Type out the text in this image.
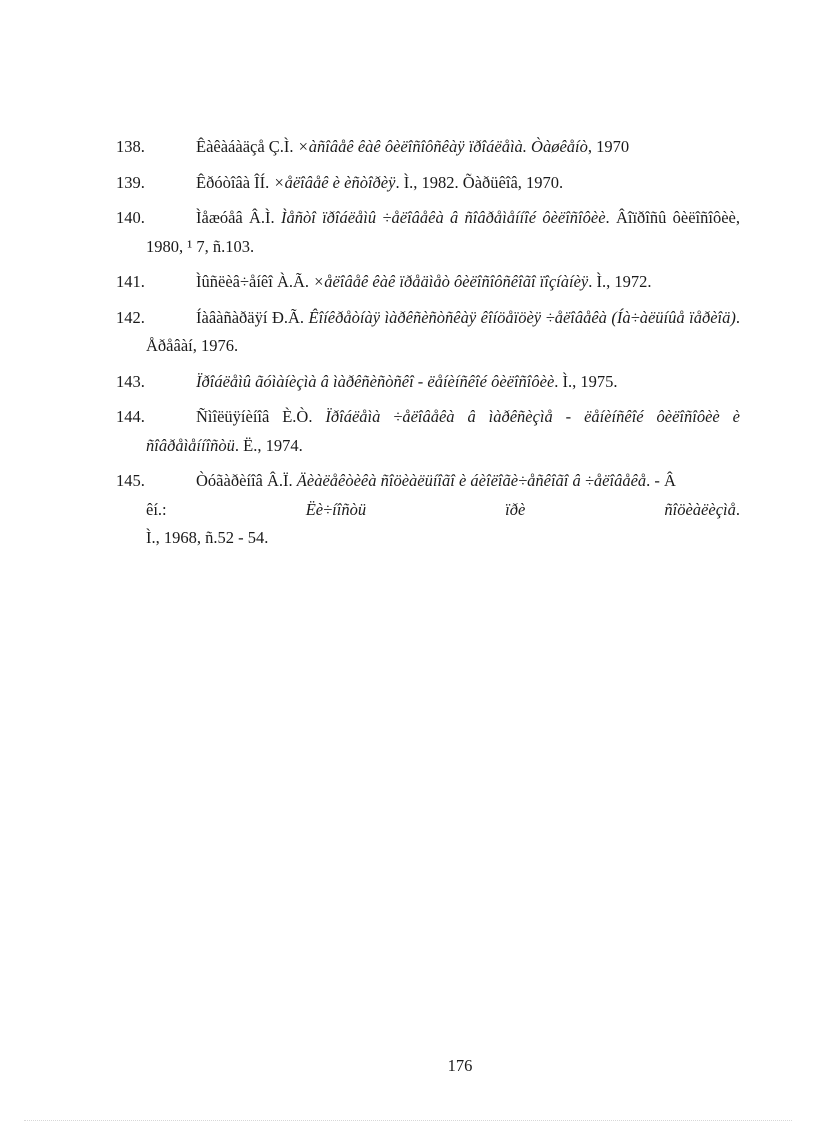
138.	Êàêàáàäçå Ç.Ì. ×àñîâåê êàê ôèëîñîôñêàÿ ïðîáëåìà. Òàøêåíò, 1970
139.	Êðóòîâà ÎÍ. ×åëîâåê è èñòîðèÿ. Ì., 1982. Õàðüêîâ, 1970.
140.	Ìåæóåâ Â.Ì. Ìåñòî ïðîáëåìû ÷åëîâåêà â ñîâðåìåííîé ôèëîñîôèè. Âîïðîñû ôèëîñîôèè, 1980, ¹ 7, ñ.103.
141.	Ìûñëèâ÷åíêî À.Ã. ×åëîâåê êàê ïðåäìåò ôèëîñîôñêîãî ïîçíàíèÿ. Ì., 1972.
142.	Íàâàñàðäÿí Ð.Ã. Êîíêðåòíàÿ ìàðêñèñòñêàÿ êîíöåïöèÿ ÷åëîâåêà (Íà÷àëüíûå ïåðèîä). Åðåâàí, 1976.
143.	Ïðîáëåìû ãóìàíèçìà â ìàðêñèñòñêî - ëåíèíñêîé ôèëîñîôèè. Ì., 1975.
144.	Ñìîëüÿíèíîâ È.Ò. Ïðîáëåìà ÷åëîâåêà â ìàðêñèçìå - ëåíèíñêîé ôèëîñîôèè è ñîâðåìåííîñòü. Ë., 1974.
145.	Òóãàðèíîâ Â.Ï. Äèàëåêòèêà ñîöèàëüíîãî è áèîëîãè÷åñêîãî â ÷åëîâåêå. - Â
êí.: Ëè÷íîñòü ïðè ñîöèàëèçìå.
Ì., 1968, ñ.52 - 54.
176
